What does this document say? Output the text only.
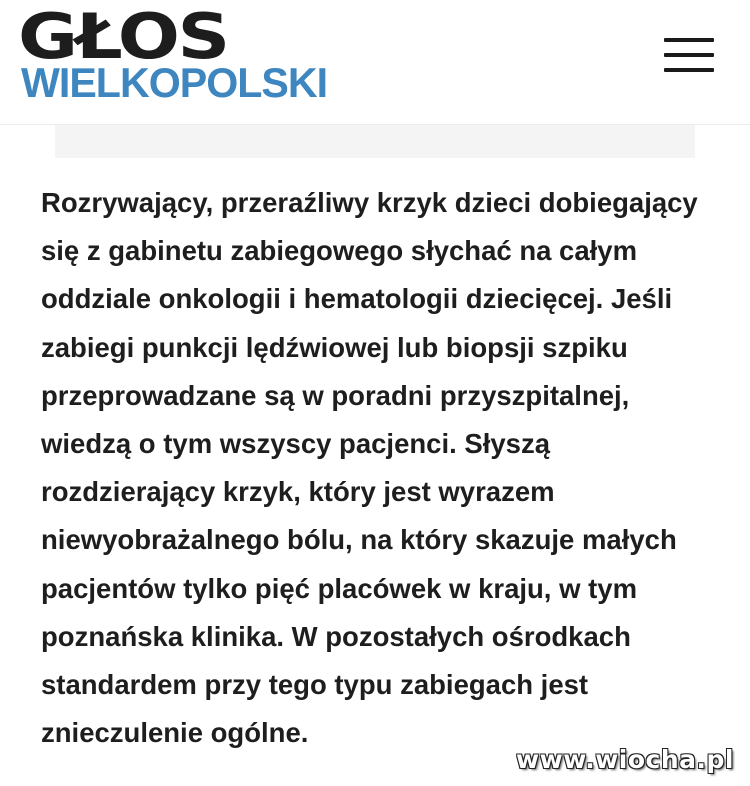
GŁOS
WIELKOPOLSKI

Rozrywający, przeraźliwy krzyk dzieci dobiegający się z gabinetu zabiegowego słychać na całym oddziale onkologii i hematologii dziecięcej. Jeśli zabiegi punkcji lędźwiowej lub biopsji szpiku przeprowadzane są w poradni przyszpitalnej, wiedzą o tym wszyscy pacjenci. Słyszą rozdzierający krzyk, który jest wyrazem niewyobrażalnego bólu, na który skazuje małych pacjentów tylko pięć placówek w kraju, w tym poznańska klinika. W pozostałych ośrodkach standardem przy tego typu zabiegach jest znieczulenie ogólne.

www.wiocha.pl
